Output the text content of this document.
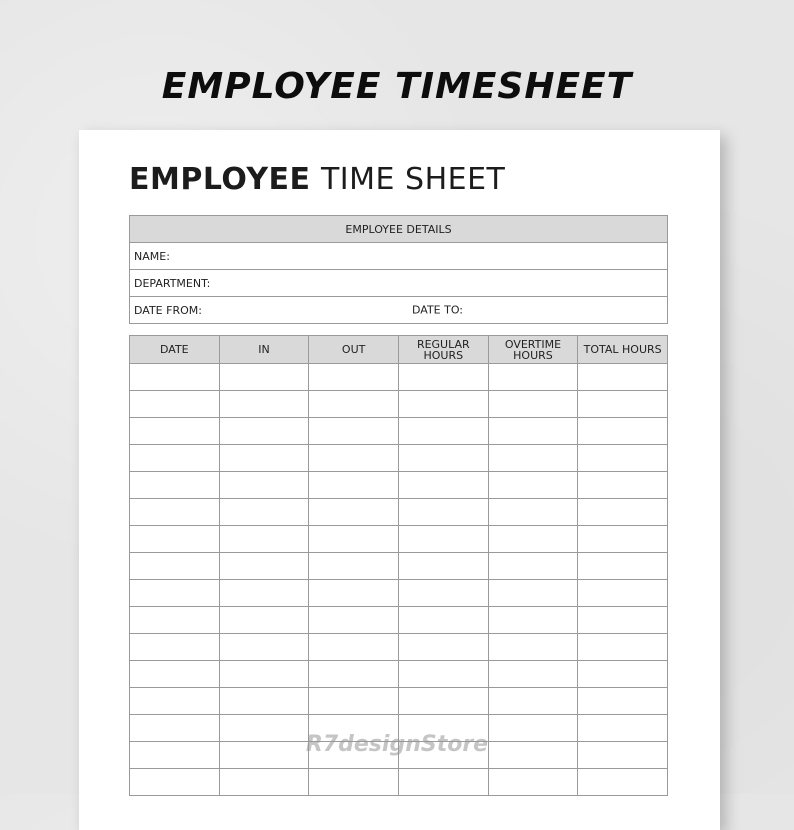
EMPLOYEE TIMESHEET
EMPLOYEE TIME SHEET
EMPLOYEE DETAILS
NAME:
DEPARTMENT:
DATE FROM:	DATE TO:
DATE	IN	OUT	REGULAR HOURS	OVERTIME HOURS	TOTAL HOURS

R7designStore
